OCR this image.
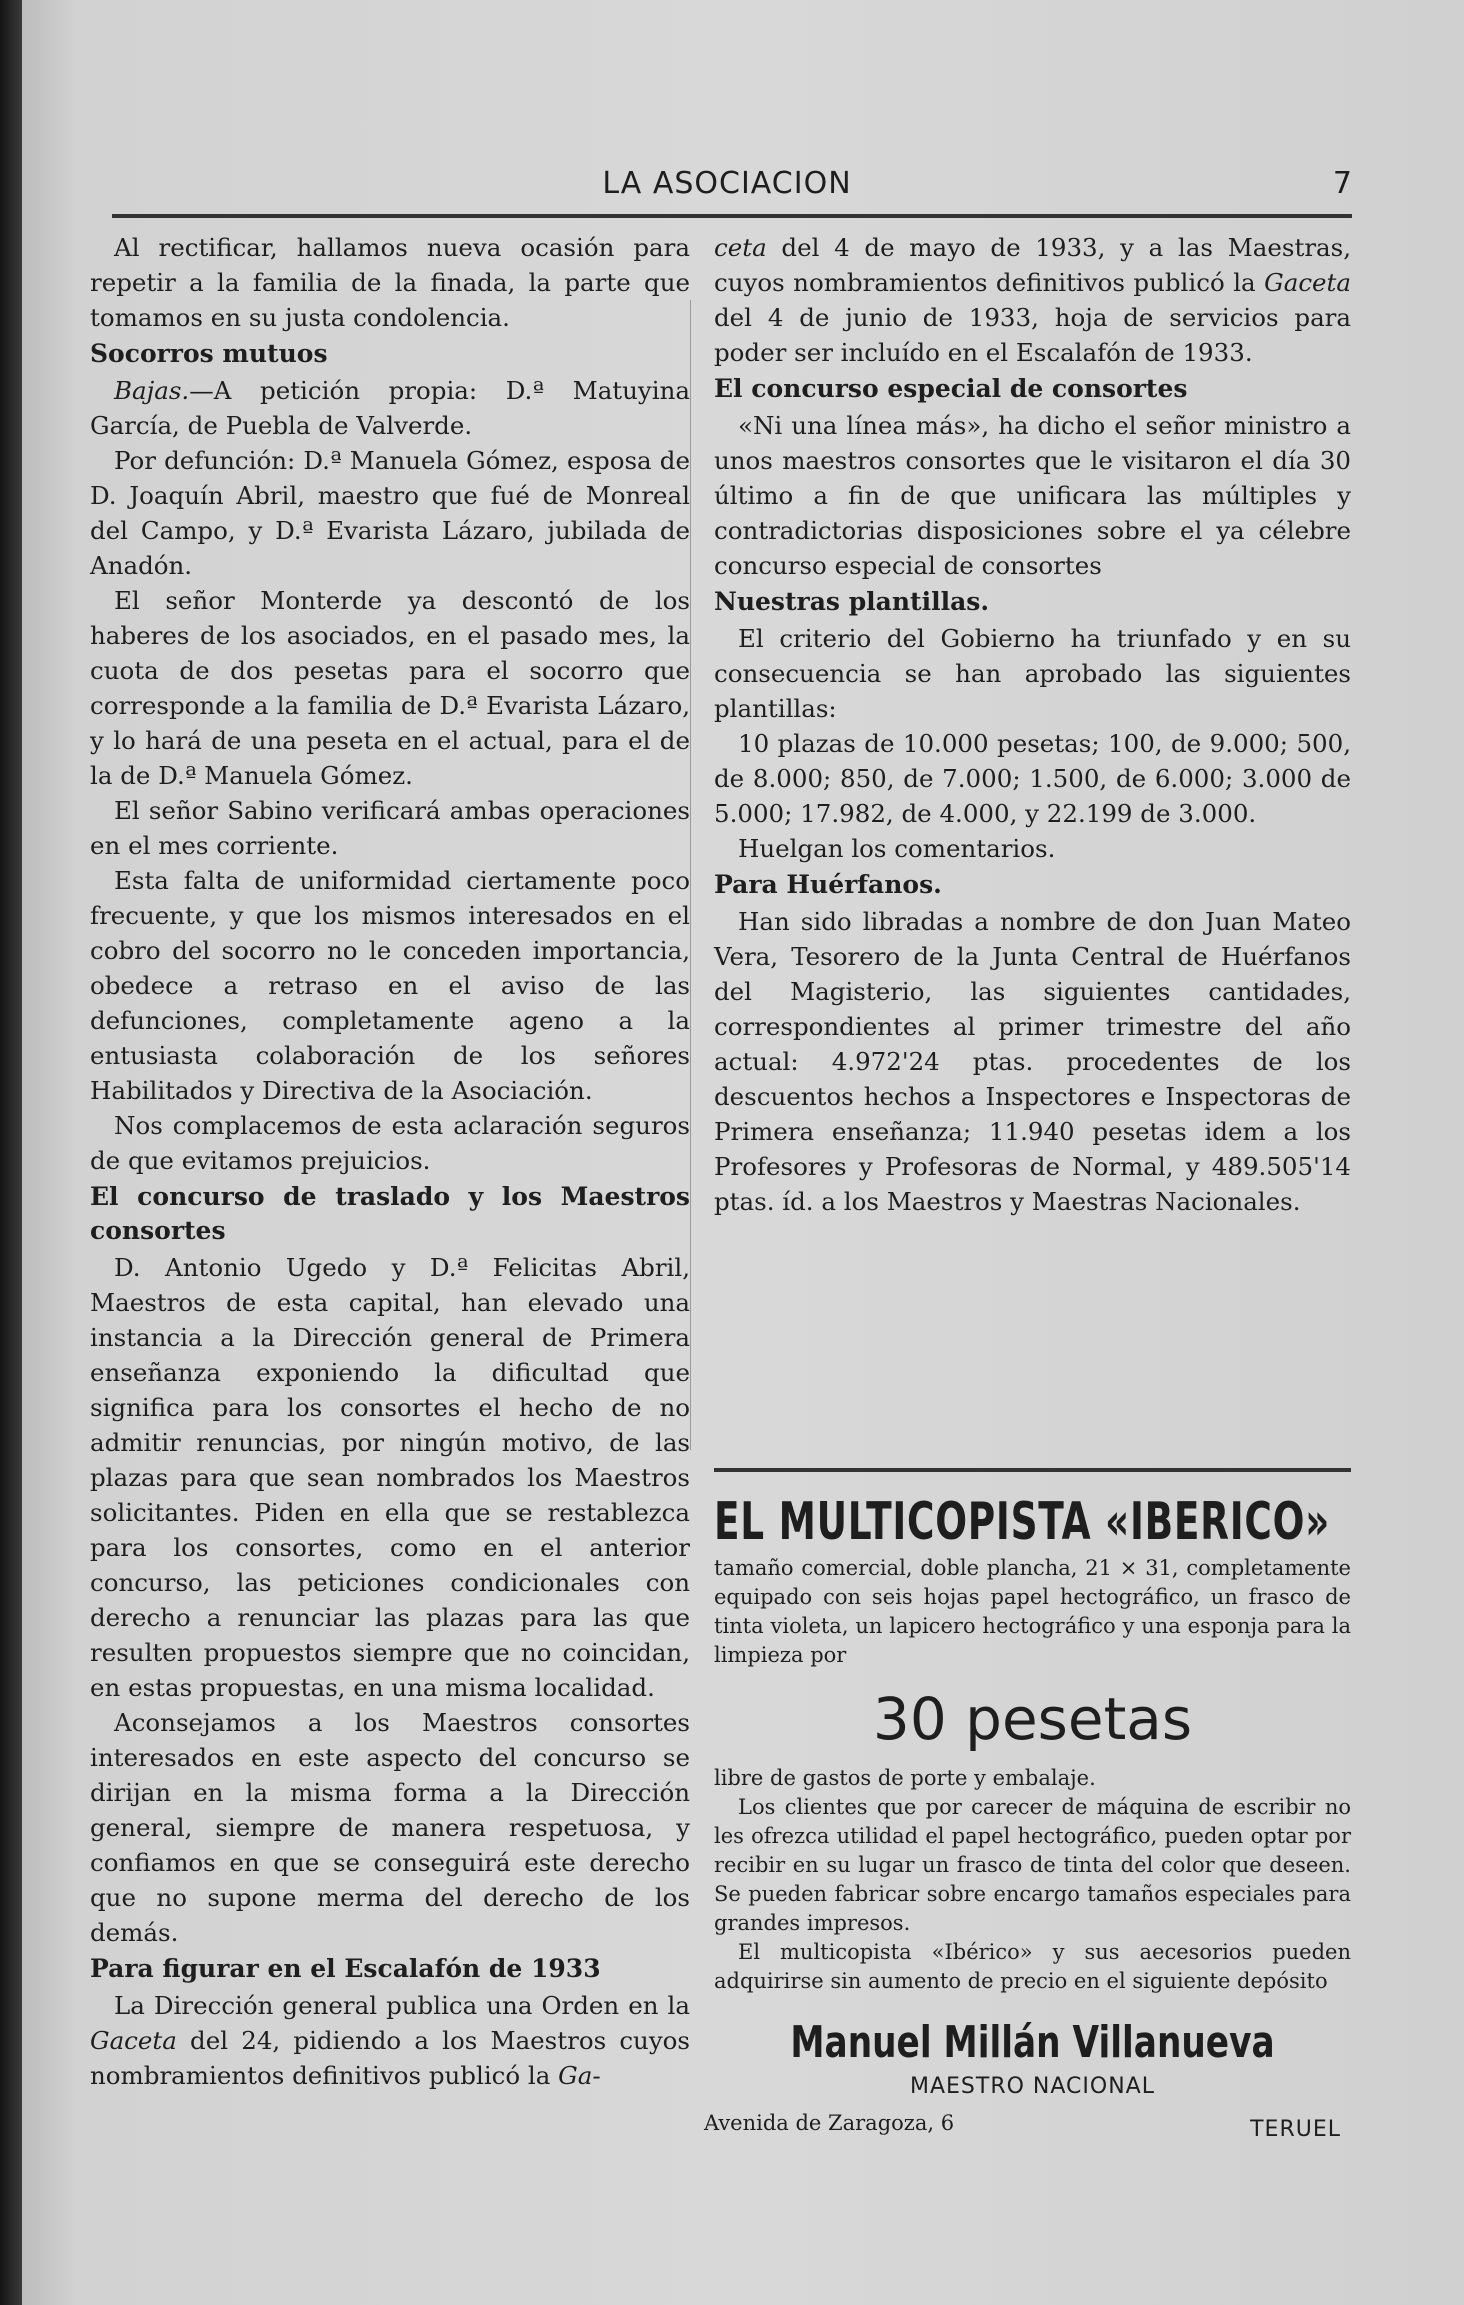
LA ASOCIACION	7

Al rectificar, hallamos nueva ocasión para repetir a la familia de la finada, la parte que tomamos en su justa condolencia.

Socorros mutuos

Bajas.—A petición propia: D.ª Matuyina García, de Puebla de Valverde.

Por defunción: D.ª Manuela Gómez, esposa de D. Joaquín Abril, maestro que fué de Monreal del Campo, y D.ª Evarista Lázaro, jubilada de Anadón.

El señor Monterde ya descontó de los haberes de los asociados, en el pasado mes, la cuota de dos pesetas para el socorro que corresponde a la familia de D.ª Evarista Lázaro, y lo hará de una peseta en el actual, para el de la de D.ª Manuela Gómez.

El señor Sabino verificará ambas operaciones en el mes corriente.

Esta falta de uniformidad ciertamente poco frecuente, y que los mismos interesados en el cobro del socorro no le conceden importancia, obedece a retraso en el aviso de las defunciones, completamente ageno a la entusiasta colaboración de los señores Habilitados y Directiva de la Asociación.

Nos complacemos de esta aclaración seguros de que evitamos prejuicios.

El concurso de traslado y los Maestros consortes

D. Antonio Ugedo y D.ª Felicitas Abril, Maestros de esta capital, han elevado una instancia a la Dirección general de Primera enseñanza exponiendo la dificultad que significa para los consortes el hecho de no admitir renuncias, por ningún motivo, de las plazas para que sean nombrados los Maestros solicitantes. Piden en ella que se restablezca para los consortes, como en el anterior concurso, las peticiones condicionales con derecho a renunciar las plazas para las que resulten propuestos siempre que no coincidan, en estas propuestas, en una misma localidad.

Aconsejamos a los Maestros consortes interesados en este aspecto del concurso se dirijan en la misma forma a la Dirección general, siempre de manera respetuosa, y confiamos en que se conseguirá este derecho que no supone merma del derecho de los demás.

Para figurar en el Escalafón de 1933

La Dirección general publica una Orden en la Gaceta del 24, pidiendo a los Maestros cuyos nombramientos definitivos publicó la Ga-

ceta del 4 de mayo de 1933, y a las Maestras, cuyos nombramientos definitivos publicó la Gaceta del 4 de junio de 1933, hoja de servicios para poder ser incluído en el Escalafón de 1933.

El concurso especial de consortes

«Ni una línea más», ha dicho el señor ministro a unos maestros consortes que le visitaron el día 30 último a fin de que unificara las múltiples y contradictorias disposiciones sobre el ya célebre concurso especial de consortes

Nuestras plantillas.

El criterio del Gobierno ha triunfado y en su consecuencia se han aprobado las siguientes plantillas:

10 plazas de 10.000 pesetas; 100, de 9.000; 500, de 8.000; 850, de 7.000; 1.500, de 6.000; 3.000 de 5.000; 17.982, de 4.000, y 22.199 de 3.000.

Huelgan los comentarios.

Para Huérfanos.

Han sido libradas a nombre de don Juan Mateo Vera, Tesorero de la Junta Central de Huérfanos del Magisterio, las siguientes cantidades, correspondientes al primer trimestre del año actual: 4.972'24 ptas. procedentes de los descuentos hechos a Inspectores e Inspectoras de Primera enseñanza; 11.940 pesetas idem a los Profesores y Profesoras de Normal, y 489.505'14 ptas. íd. a los Maestros y Maestras Nacionales.

EL MULTICOPISTA «IBERICO»

tamaño comercial, doble plancha, 21 × 31, completamente equipado con seis hojas papel hectográfico, un frasco de tinta violeta, un lapicero hectográfico y una esponja para la limpieza por

30 pesetas

libre de gastos de porte y embalaje.

Los clientes que por carecer de máquina de escribir no les ofrezca utilidad el papel hectográfico, pueden optar por recibir en su lugar un frasco de tinta del color que deseen. Se pueden fabricar sobre encargo tamaños especiales para grandes impresos.

El multicopista «Ibérico» y sus aecesorios pueden adquirirse sin aumento de precio en el siguiente depósito

Manuel Millán Villanueva
MAESTRO NACIONAL
Avenida de Zaragoza, 6	TERUEL
